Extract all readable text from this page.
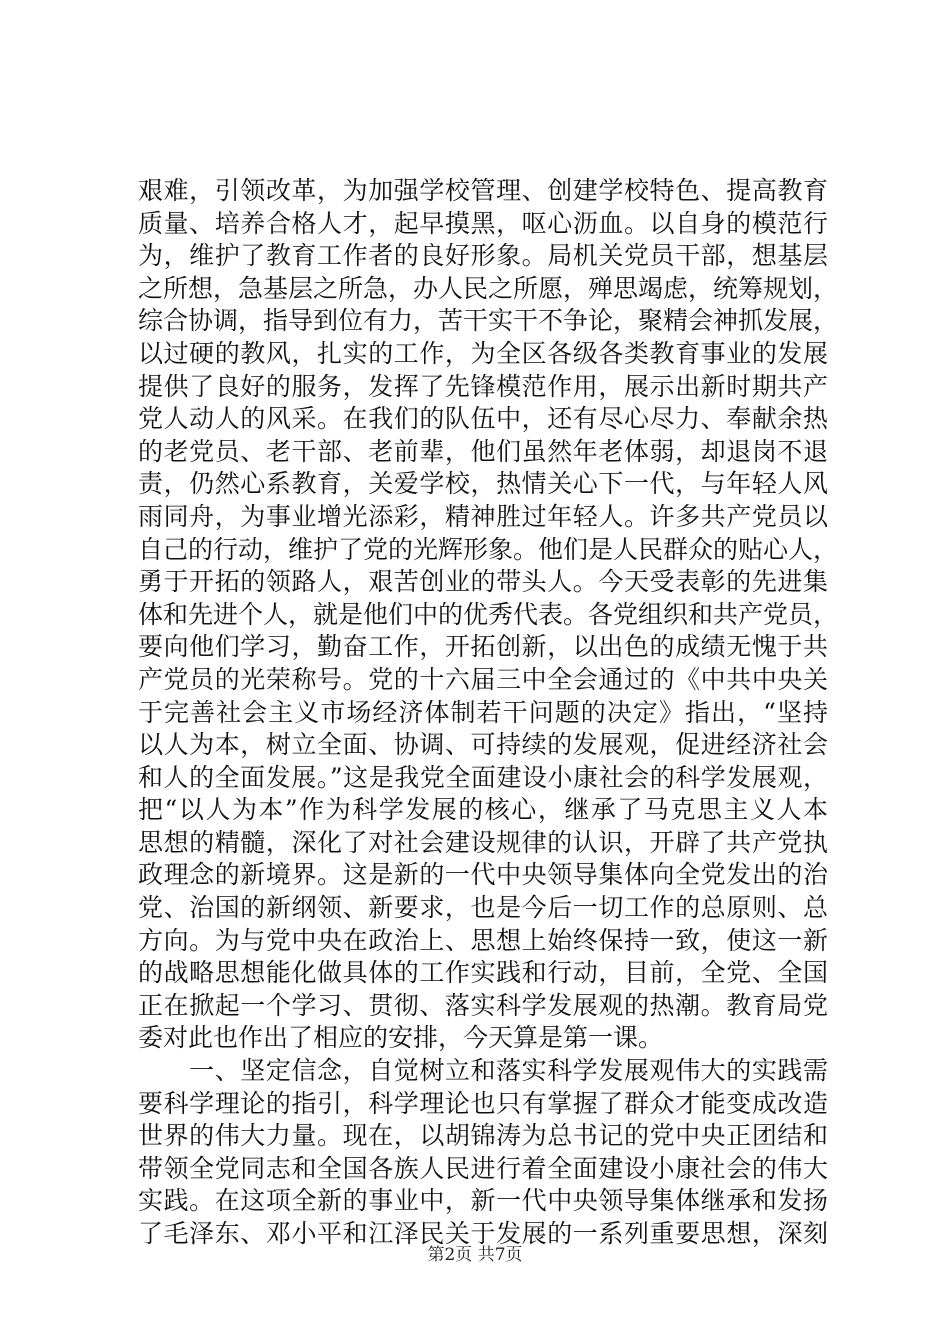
艰难，引领改革，为加强学校管理、创建学校特色、提高教育
质量、培养合格人才，起早摸黑，呕心沥血。以自身的模范行
为，维护了教育工作者的良好形象。局机关党员干部，想基层
之所想，急基层之所急，办人民之所愿，殚思竭虑，统筹规划，
综合协调，指导到位有力，苦干实干不争论，聚精会神抓发展，
以过硬的教风，扎实的工作，为全区各级各类教育事业的发展
提供了良好的服务，发挥了先锋模范作用，展示出新时期共产
党人动人的风采。在我们的队伍中，还有尽心尽力、奉献余热
的老党员、老干部、老前辈，他们虽然年老体弱，却退岗不退
责，仍然心系教育，关爱学校，热情关心下一代，与年轻人风
雨同舟，为事业增光添彩，精神胜过年轻人。许多共产党员以
自己的行动，维护了党的光辉形象。他们是人民群众的贴心人，
勇于开拓的领路人，艰苦创业的带头人。今天受表彰的先进集
体和先进个人，就是他们中的优秀代表。各党组织和共产党员，
要向他们学习，勤奋工作，开拓创新，以出色的成绩无愧于共
产党员的光荣称号。党的十六届三中全会通过的《中共中央关
于完善社会主义市场经济体制若干问题的决定》指出，“坚持
以人为本，树立全面、协调、可持续的发展观，促进经济社会
和人的全面发展。”这是我党全面建设小康社会的科学发展观，
把“以人为本”作为科学发展的核心，继承了马克思主义人本
思想的精髓，深化了对社会建设规律的认识，开辟了共产党执
政理念的新境界。这是新的一代中央领导集体向全党发出的治
党、治国的新纲领、新要求，也是今后一切工作的总原则、总
方向。为与党中央在政治上、思想上始终保持一致，使这一新
的战略思想能化做具体的工作实践和行动，目前，全党、全国
正在掀起一个学习、贯彻、落实科学发展观的热潮。教育局党
委对此也作出了相应的安排，今天算是第一课。
　　一、坚定信念，自觉树立和落实科学发展观伟大的实践需
要科学理论的指引，科学理论也只有掌握了群众才能变成改造
世界的伟大力量。现在，以胡锦涛为总书记的党中央正团结和
带领全党同志和全国各族人民进行着全面建设小康社会的伟大
实践。在这项全新的事业中，新一代中央领导集体继承和发扬
了毛泽东、邓小平和江泽民关于发展的一系列重要思想，深刻
第2页 共7页
